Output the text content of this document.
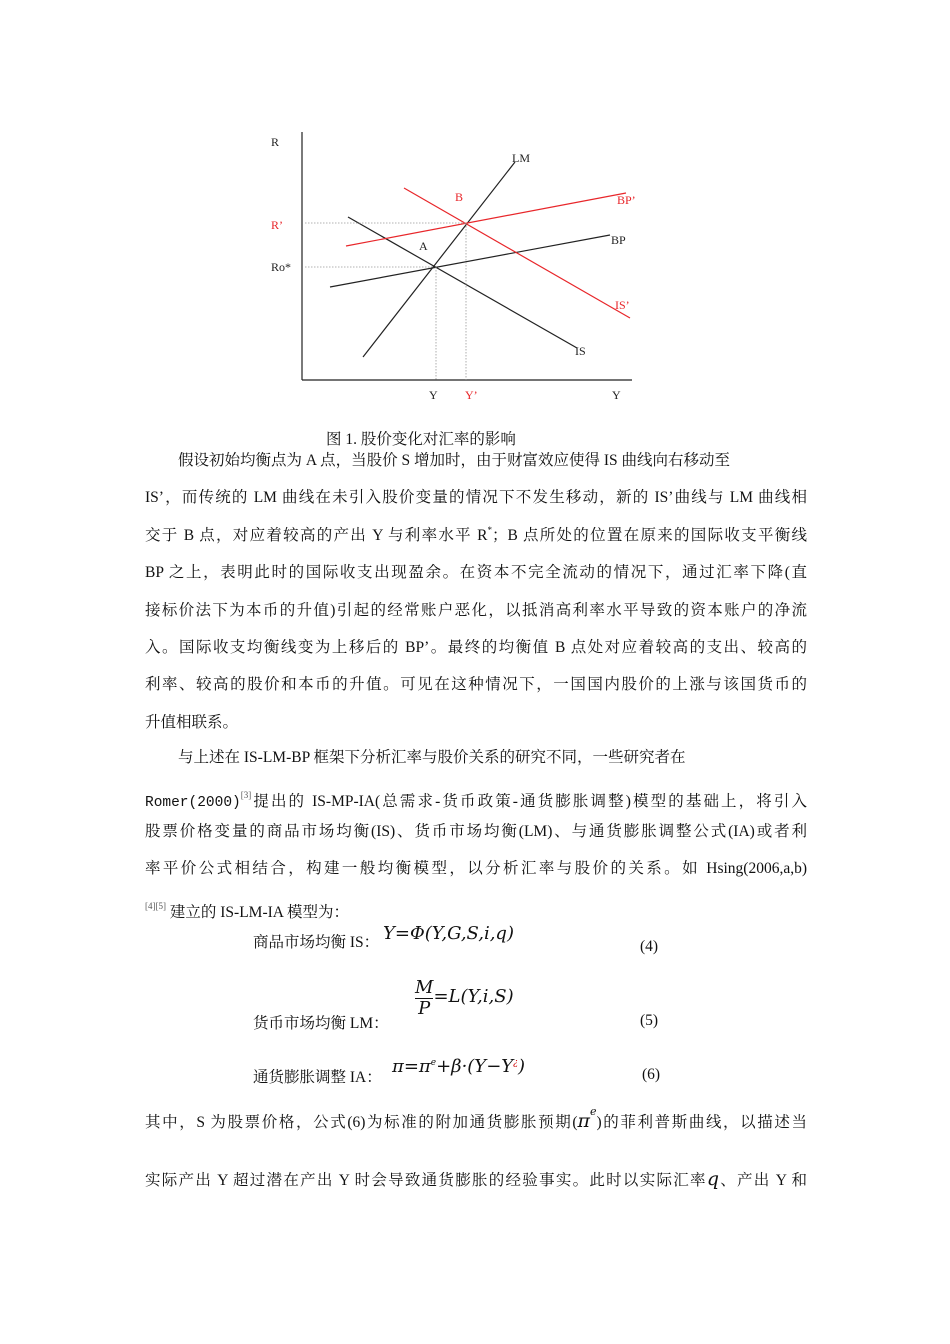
R
LM
B	BP’
R’
A	BP
Ro*
IS’
IS
Y Y’	Y
图 1. 股价变化对汇率的影响
假设初始均衡点为 A 点，当股价 S 增加时，由于财富效应使得 IS 曲线向右移动至
IS’，而传统的 LM 曲线在未引入股价变量的情况下不发生移动，新的 IS’曲线与 LM 曲线相
交于 B 点，对应着较高的产出 Y 与利率水平 R*；B 点所处的位置在原来的国际收支平衡线
BP 之上，表明此时的国际收支出现盈余。在资本不完全流动的情况下，通过汇率下降(直
接标价法下为本币的升值)引起的经常账户恶化，以抵消高利率水平导致的资本账户的净流
入。国际收支均衡线变为上移后的 BP’。最终的均衡值 B 点处对应着较高的支出、较高的
利率、较高的股价和本币的升值。可见在这种情况下，一国国内股价的上涨与该国货币的
升值相联系。
与上述在 IS-LM-BP 框架下分析汇率与股价关系的研究不同，一些研究者在
Romer(2000)[3]提出的 IS-MP-IA(总需求-货币政策-通货膨胀调整)模型的基础上，将引入
股票价格变量的商品市场均衡(IS)、货币市场均衡(LM)、与通货膨胀调整公式(IA)或者利
率平价公式相结合，构建一般均衡模型，以分析汇率与股价的关系。如 Hsing(2006,a,b)
[4][5] 建立的 IS-LM-IA 模型为：
商品市场均衡 IS： Y=Φ(Y,G,S,i,q)
(4)
货币市场均衡 LM：
$\frac{M}{P} =L(Y,i,S)$
(5)
通货膨胀调整 IA：
$\pi=\pi^e+\beta\cdot(Y-Y^¿)$	(6)
其中，S 为股票价格，公式(6)为标准的附加通货膨胀预期$(\pi^e)$的菲利普斯曲线，以描述当
实际产出 Y 超过潜在产出 Y 时会导致通货膨胀的经验事实。此时以实际汇率q、产出 Y 和
